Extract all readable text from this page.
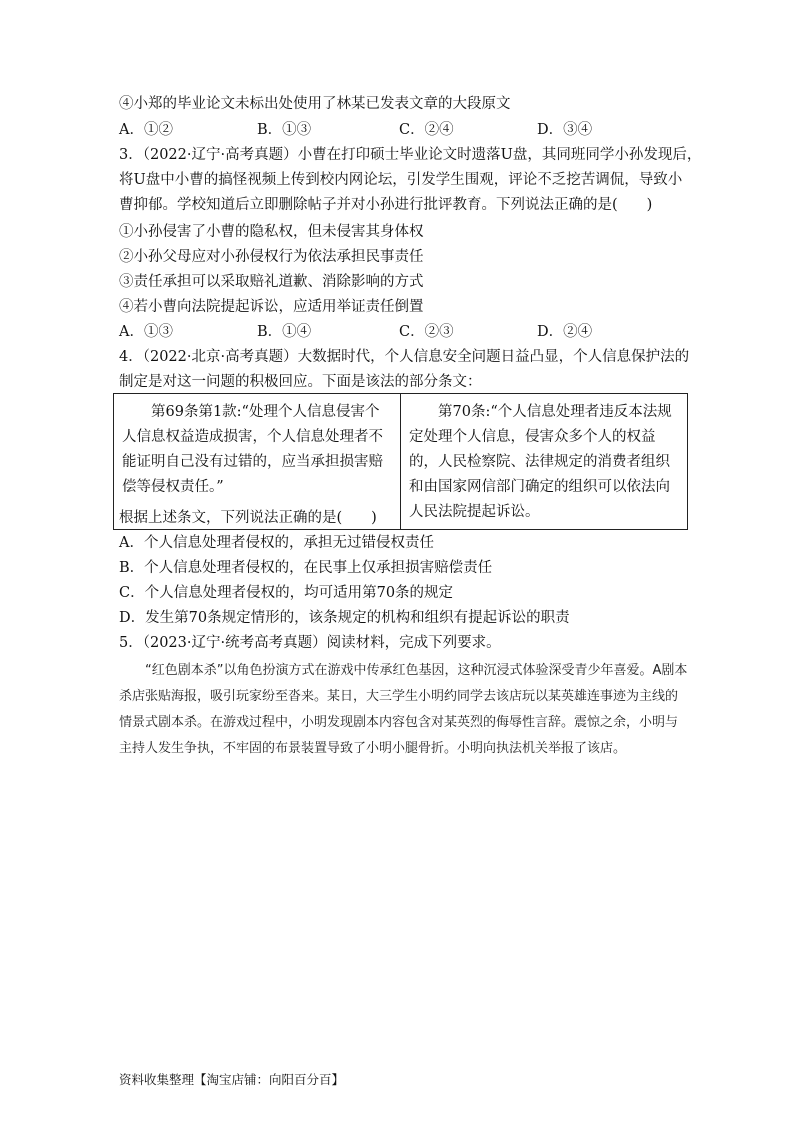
④小郑的毕业论文未标出处使用了林某已发表文章的大段原文
A．①②	B．①③	C．②④	D．③④
3．（2022·辽宁·高考真题）小曹在打印硕士毕业论文时遗落U盘，其同班同学小孙发现后，
将U盘中小曹的搞怪视频上传到校内网论坛，引发学生围观，评论不乏挖苦调侃，导致小
曹抑郁。学校知道后立即删除帖子并对小孙进行批评教育。下列说法正确的是(　　)
①小孙侵害了小曹的隐私权，但未侵害其身体权
②小孙父母应对小孙侵权行为依法承担民事责任
③责任承担可以采取赔礼道歉、消除影响的方式
④若小曹向法院提起诉讼，应适用举证责任倒置
A．①③	B．①④	C．②③	D．②④
4．（2022·北京·高考真题）大数据时代，个人信息安全问题日益凸显，个人信息保护法的
制定是对这一问题的积极回应。下面是该法的部分条文：
第69条第1款:“处理个人信息侵害个人信息权益造成损害，个人信息处理者不能证明自己没有过错的，应当承担损害赔偿等侵权责任。”	第70条:“个人信息处理者违反本法规定处理个人信息，侵害众多个人的权益的，人民检察院、法律规定的消费者组织和由国家网信部门确定的组织可以依法向人民法院提起诉讼。
根据上述条文，下列说法正确的是(　　)
A．个人信息处理者侵权的，承担无过错侵权责任
B．个人信息处理者侵权的，在民事上仅承担损害赔偿责任
C．个人信息处理者侵权的，均可适用第70条的规定
D．发生第70条规定情形的，该条规定的机构和组织有提起诉讼的职责
5．（2023·辽宁·统考高考真题）阅读材料，完成下列要求。

“红色剧本杀”以角色扮演方式在游戏中传承红色基因，这种沉浸式体验深受青少年喜爱。A剧本杀店张贴海报，吸引玩家纷至沓来。某日，大三学生小明约同学去该店玩以某英雄连事迹为主线的情景式剧本杀。在游戏过程中，小明发现剧本内容包含对某英烈的侮辱性言辞。震惊之余，小明与主持人发生争执，不牢固的布景装置导致了小明小腿骨折。小明向执法机关举报了该店。

资料收集整理【淘宝店铺：向阳百分百】
